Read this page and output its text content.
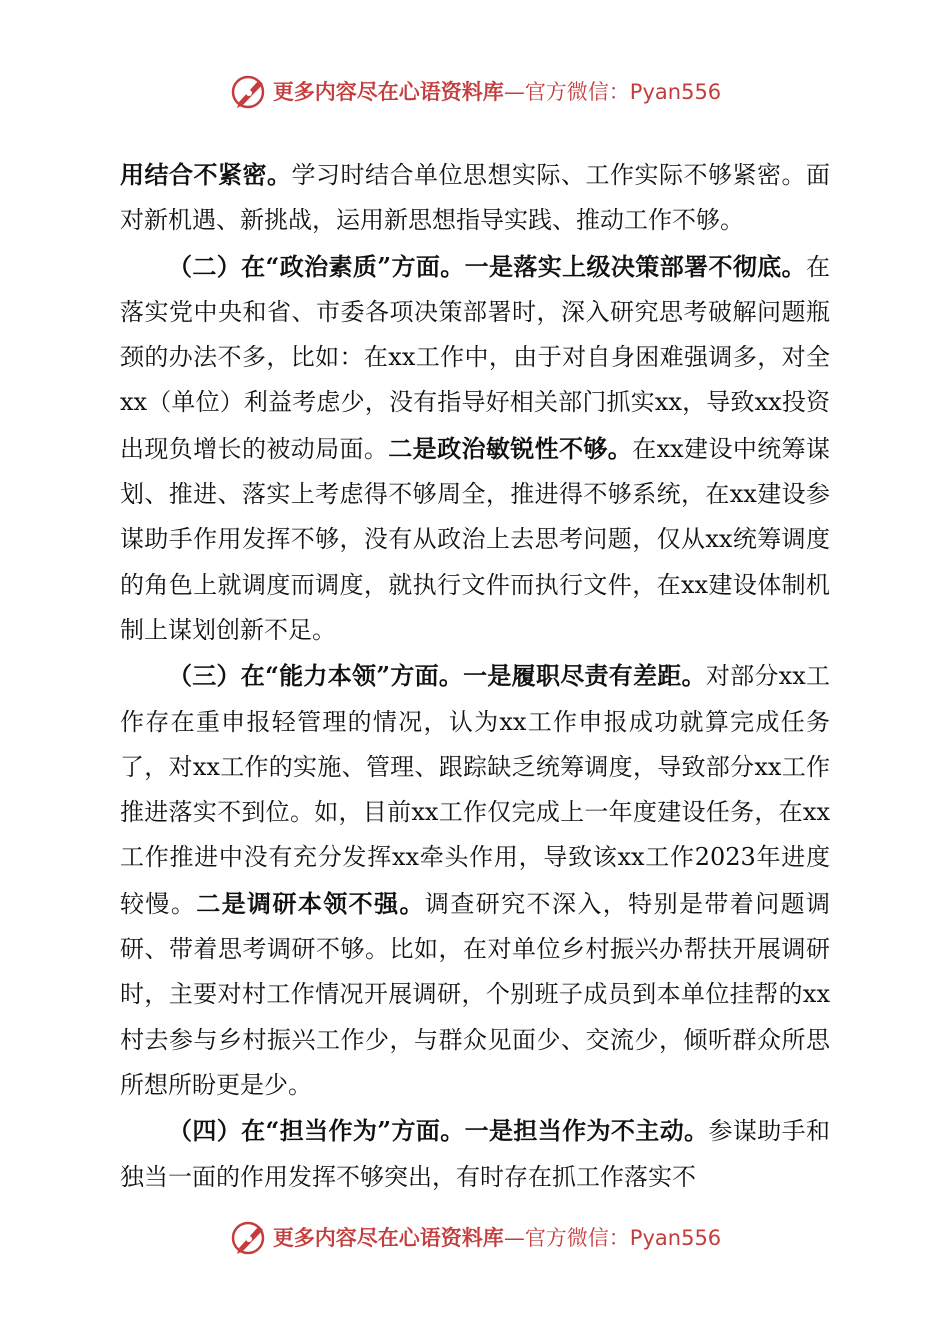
更多内容尽在心语资料库 —官方微信：Pyan556

用结合不紧密。学习时结合单位思想实际、工作实际不够紧密。面对新机遇、新挑战，运用新思想指导实践、推动工作不够。

（二）在“政治素质”方面。一是落实上级决策部署不彻底。在落实党中央和省、市委各项决策部署时，深入研究思考破解问题瓶颈的办法不多，比如：在xx工作中，由于对自身困难强调多，对全xx（单位）利益考虑少，没有指导好相关部门抓实xx，导致xx投资出现负增长的被动局面。二是政治敏锐性不够。在xx建设中统筹谋划、推进、落实上考虑得不够周全，推进得不够系统，在xx建设参谋助手作用发挥不够，没有从政治上去思考问题，仅从xx统筹调度的角色上就调度而调度，就执行文件而执行文件，在xx建设体制机制上谋划创新不足。

（三）在“能力本领”方面。一是履职尽责有差距。对部分xx工作存在重申报轻管理的情况，认为xx工作申报成功就算完成任务了，对xx工作的实施、管理、跟踪缺乏统筹调度，导致部分xx工作推进落实不到位。如，目前xx工作仅完成上一年度建设任务，在xx工作推进中没有充分发挥xx牵头作用，导致该xx工作2023年进度较慢。二是调研本领不强。调查研究不深入，特别是带着问题调研、带着思考调研不够。比如，在对单位乡村振兴办帮扶开展调研时，主要对村工作情况开展调研，个别班子成员到本单位挂帮的xx村去参与乡村振兴工作少，与群众见面少、交流少，倾听群众所思所想所盼更是少。

（四）在“担当作为”方面。一是担当作为不主动。参谋助手和独当一面的作用发挥不够突出，有时存在抓工作落实不

更多内容尽在心语资料库 —官方微信：Pyan556
